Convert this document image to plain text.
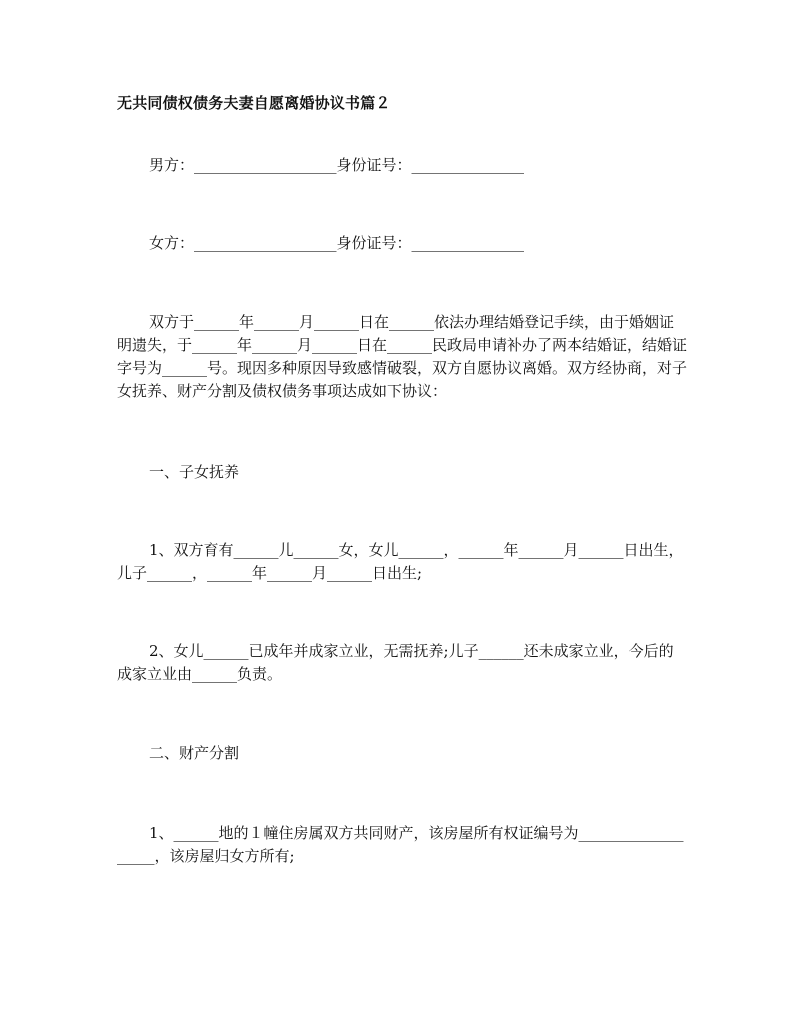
无共同债权债务夫妻自愿离婚协议书篇２
男方：___________________身份证号：_______________
女方：___________________身份证号：_______________
双方于______年______月______日在______依法办理结婚登记手续，由于婚姻证明遗失，于______年______月______日在______民政局申请补办了两本结婚证，结婚证字号为______号。现因多种原因导致感情破裂，双方自愿协议离婚。双方经协商，对子女抚养、财产分割及债权债务事项达成如下协议：
一、子女抚养
1、双方育有______儿______女，女儿______，______年______月______日出生，儿子______，______年______月______日出生;
2、女儿______已成年并成家立业，无需抚养;儿子______还未成家立业，今后的成家立业由______负责。
二、财产分割
1、______地的１幢住房属双方共同财产，该房屋所有权证编号为___________________，该房屋归女方所有;
